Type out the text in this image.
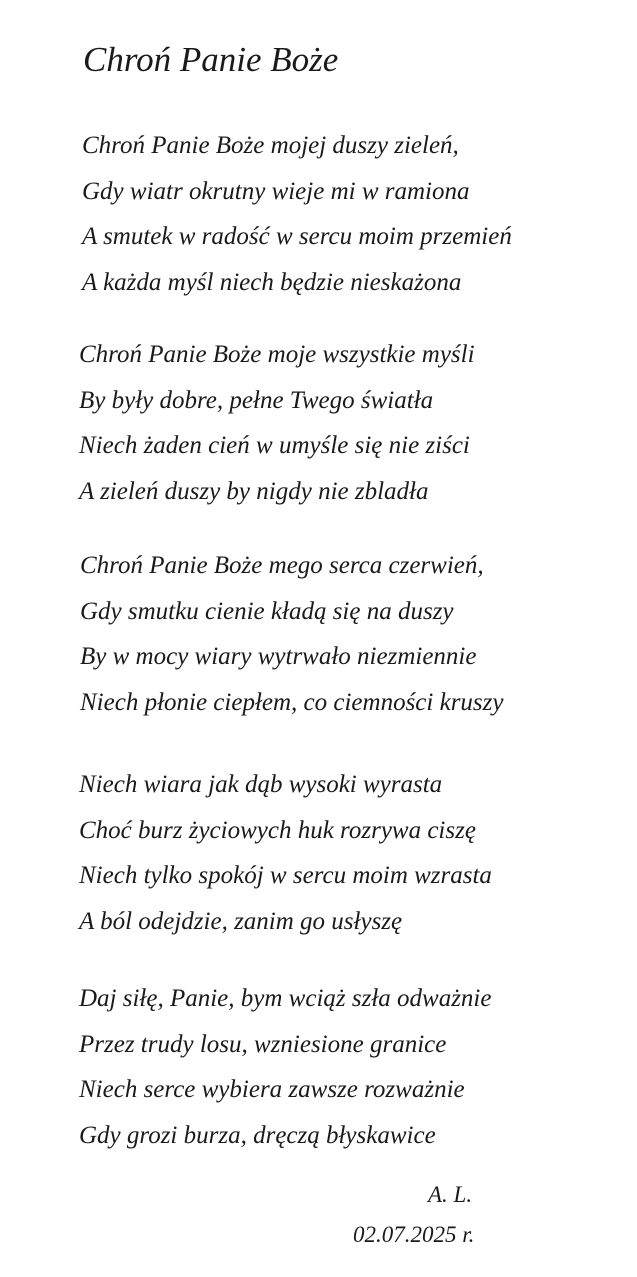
Chroń Panie Boże
Chroń Panie Boże mojej duszy zieleń,
Gdy wiatr okrutny wieje mi w ramiona
A smutek w radość w sercu moim przemień
A każda myśl niech będzie nieskażona
Chroń Panie Boże moje wszystkie myśli
By były dobre, pełne Twego światła
Niech żaden cień w umyśle się nie ziści
A zieleń duszy by nigdy nie zbladła
Chroń Panie Boże mego serca czerwień,
Gdy smutku cienie kładą się na duszy
By w mocy wiary wytrwało niezmiennie
Niech płonie ciepłem, co ciemności kruszy
Niech wiara jak dąb wysoki wyrasta
Choć burz życiowych huk rozrywa ciszę
Niech tylko spokój w sercu moim wzrasta
A ból odejdzie, zanim go usłyszę
Daj siłę, Panie, bym wciąż szła odważnie
Przez trudy losu, wzniesione granice
Niech serce wybiera zawsze rozważnie
Gdy grozi burza, dręczą błyskawice
A. L.
02.07.2025 r.
